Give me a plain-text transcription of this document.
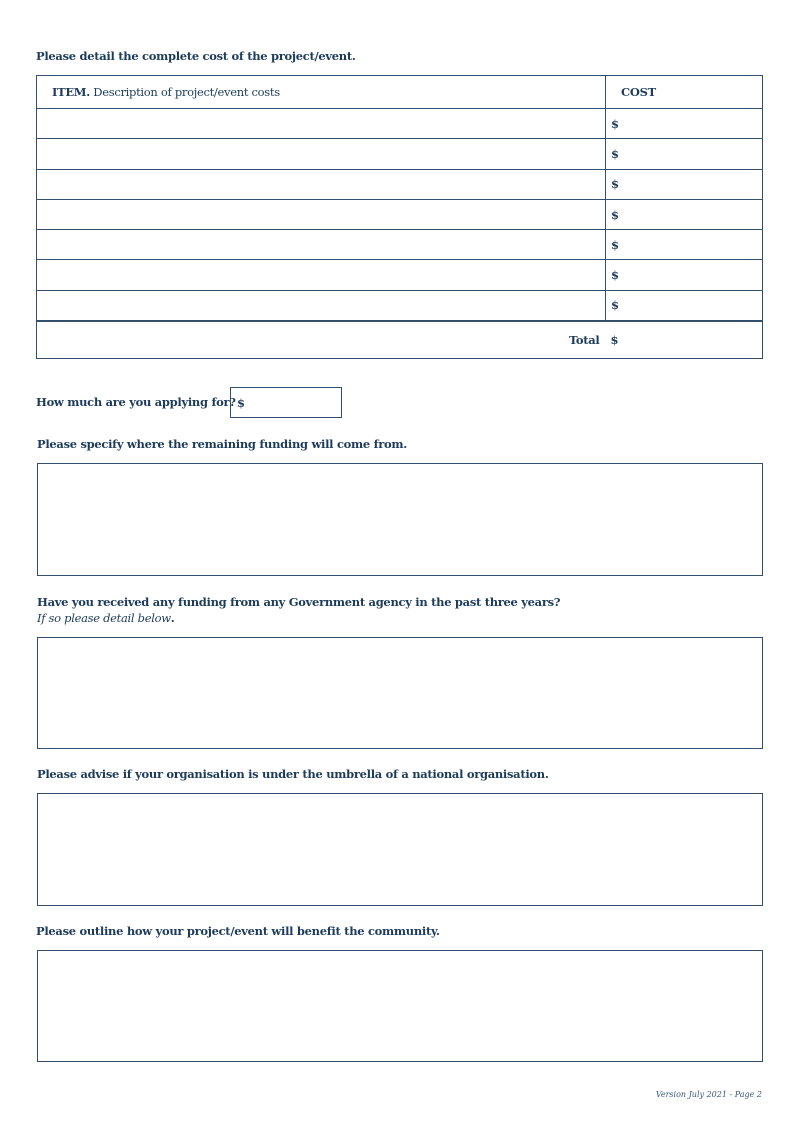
Please detail the complete cost of the project/event.
ITEM. Description of project/event costs	COST
	$
	$
	$
	$
	$
	$
	$
Total	$
How much are you applying for? $
Please specify where the remaining funding will come from.
Have you received any funding from any Government agency in the past three years?
If so please detail below.
Please advise if your organisation is under the umbrella of a national organisation.
Please outline how your project/event will benefit the community.
Version July 2021 - Page 2
